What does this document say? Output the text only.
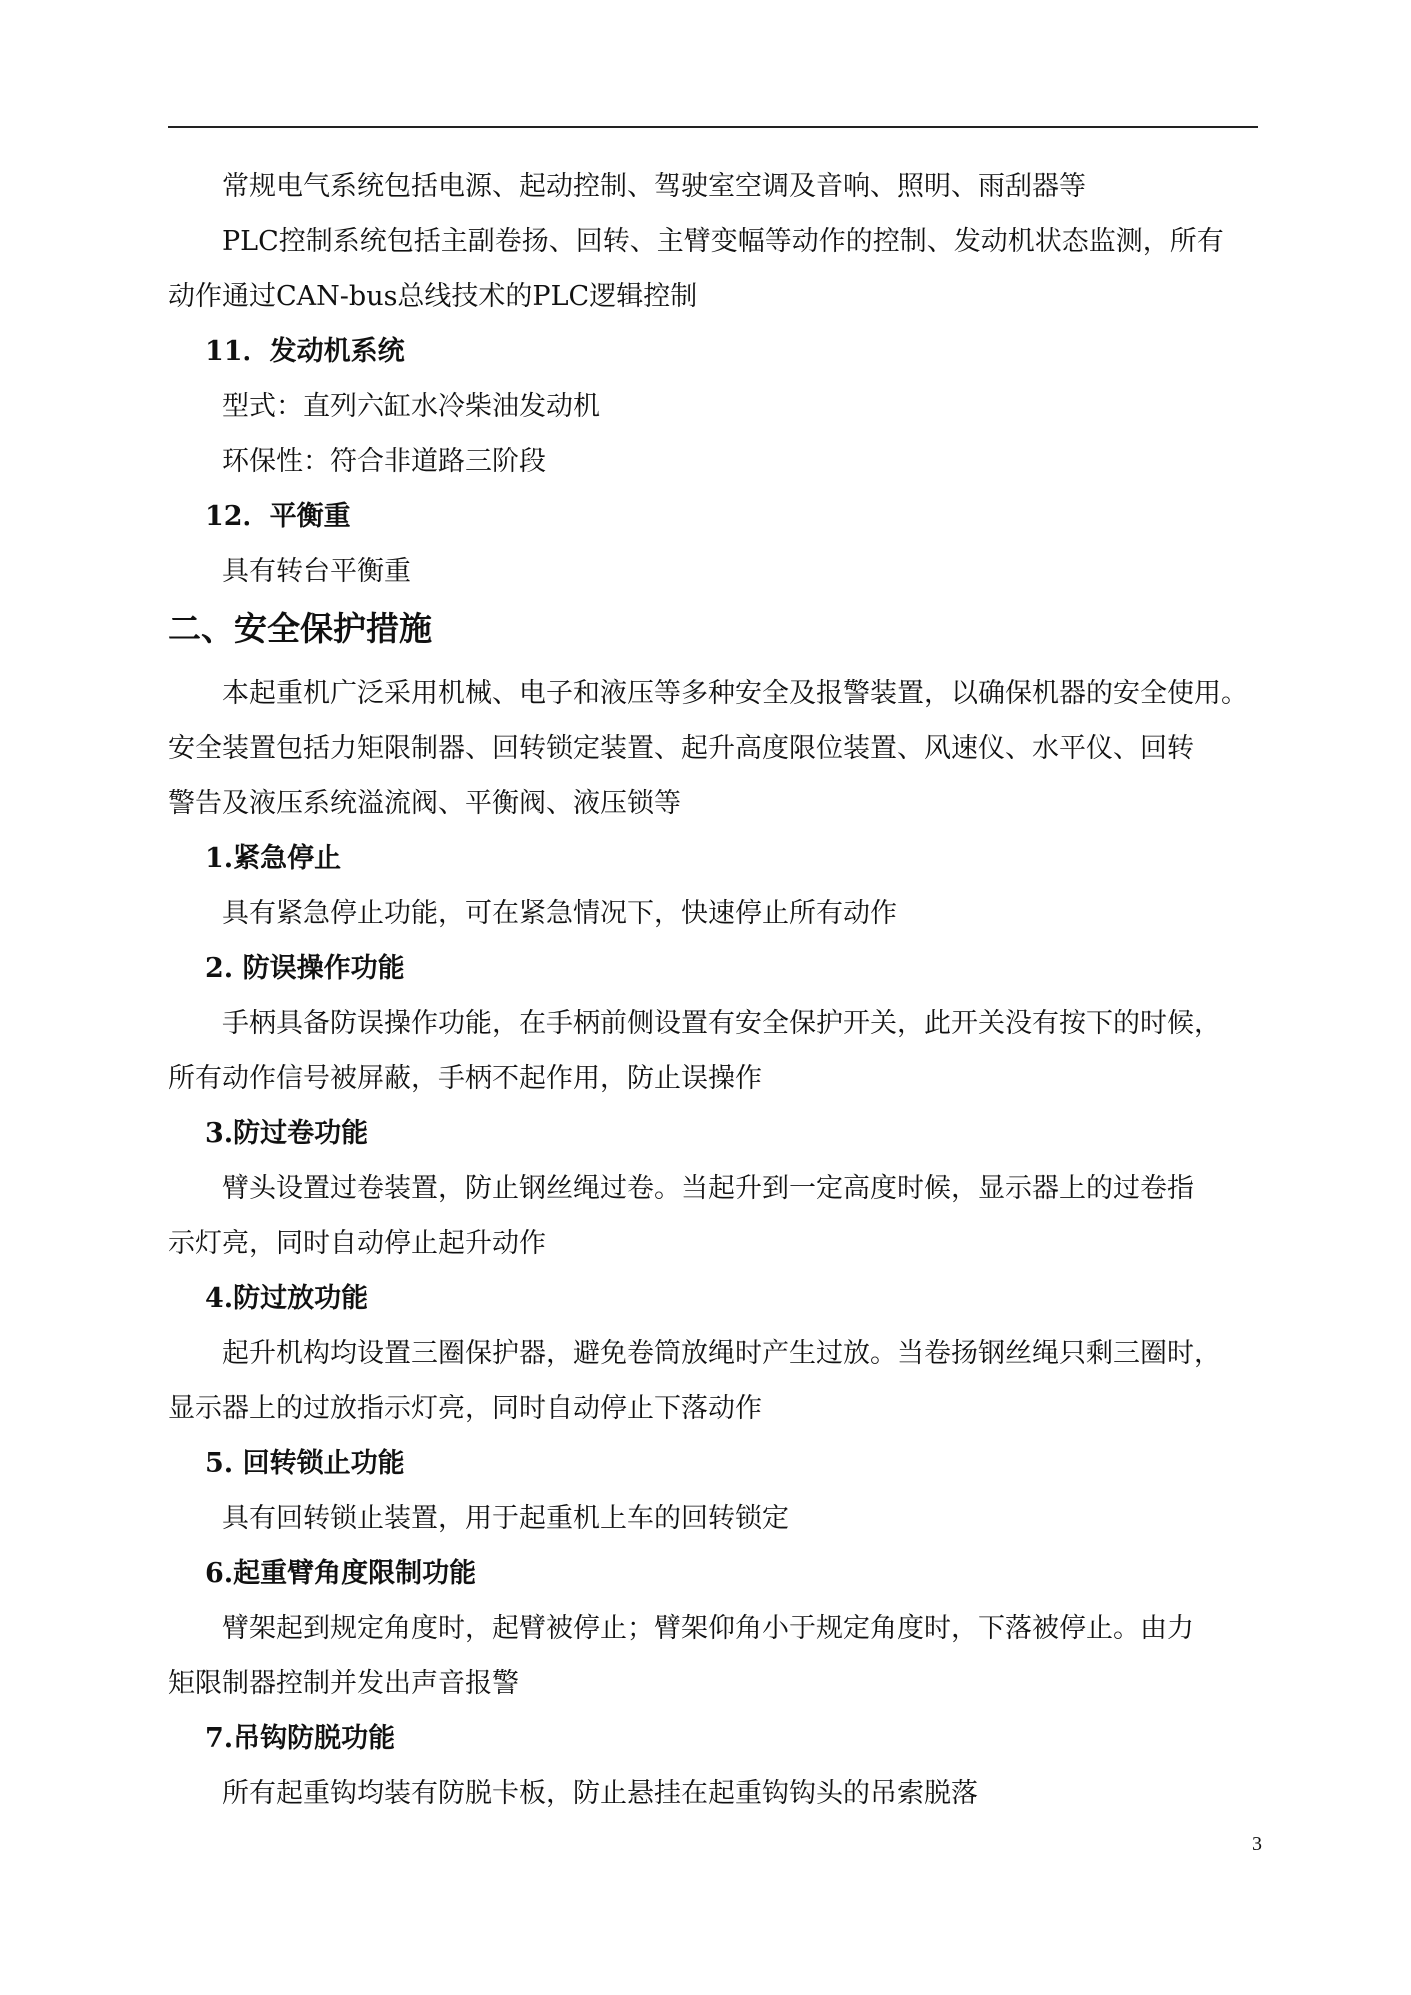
常规电气系统包括电源、起动控制、驾驶室空调及音响、照明、雨刮器等
PLC控制系统包括主副卷扬、回转、主臂变幅等动作的控制、发动机状态监测，所有
动作通过CAN-bus总线技术的PLC逻辑控制
11．发动机系统
型式：直列六缸水冷柴油发动机
环保性：符合非道路三阶段
12．平衡重
具有转台平衡重
二、安全保护措施
本起重机广泛采用机械、电子和液压等多种安全及报警装置，以确保机器的安全使用。
安全装置包括力矩限制器、回转锁定装置、起升高度限位装置、风速仪、水平仪、回转
警告及液压系统溢流阀、平衡阀、液压锁等
1.紧急停止
具有紧急停止功能，可在紧急情况下，快速停止所有动作
2. 防误操作功能
手柄具备防误操作功能，在手柄前侧设置有安全保护开关，此开关没有按下的时候，
所有动作信号被屏蔽，手柄不起作用，防止误操作
3.防过卷功能
臂头设置过卷装置，防止钢丝绳过卷。当起升到一定高度时候，显示器上的过卷指
示灯亮，同时自动停止起升动作
4.防过放功能
起升机构均设置三圈保护器，避免卷筒放绳时产生过放。当卷扬钢丝绳只剩三圈时，
显示器上的过放指示灯亮，同时自动停止下落动作
5. 回转锁止功能
具有回转锁止装置，用于起重机上车的回转锁定
6.起重臂角度限制功能
臂架起到规定角度时，起臂被停止；臂架仰角小于规定角度时，下落被停止。由力
矩限制器控制并发出声音报警
7.吊钩防脱功能
所有起重钩均装有防脱卡板，防止悬挂在起重钩钩头的吊索脱落
3
